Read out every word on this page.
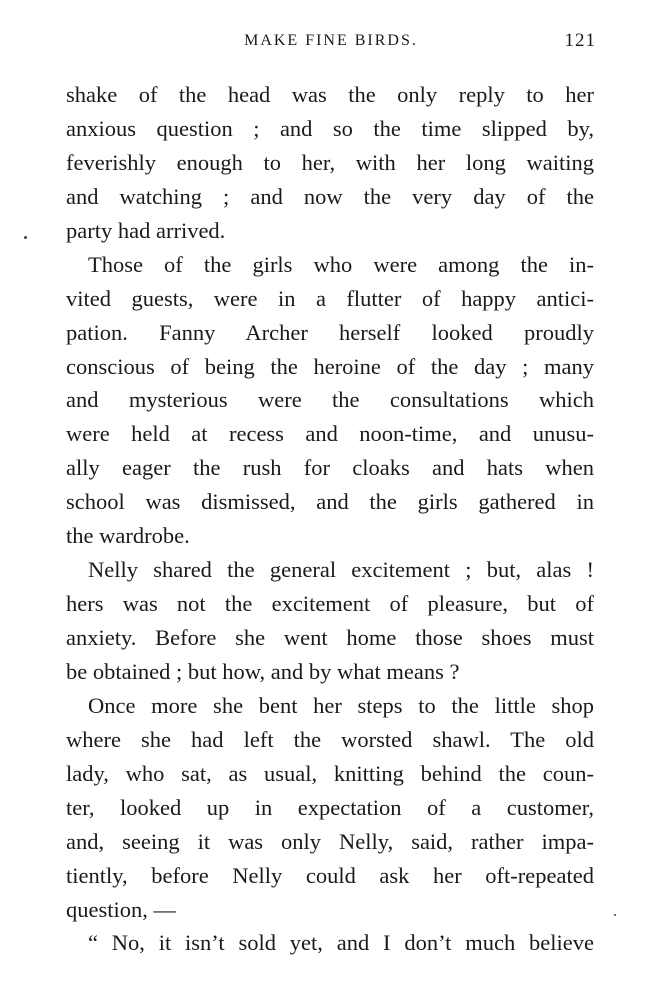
MAKE FINE BIRDS.	121
shake of the head was the only reply to her
anxious question ; and so the time slipped by,
feverishly enough to her, with her long waiting
and watching ; and now the very day of the
party had arrived.
Those of the girls who were among the in-
vited guests, were in a flutter of happy antici-
pation. Fanny Archer herself looked proudly
conscious of being the heroine of the day ; many
and mysterious were the consultations which
were held at recess and noon-time, and unusu-
ally eager the rush for cloaks and hats when
school was dismissed, and the girls gathered in
the wardrobe.
Nelly shared the general excitement ; but, alas !
hers was not the excitement of pleasure, but of
anxiety. Before she went home those shoes must
be obtained ; but how, and by what means ?
Once more she bent her steps to the little shop
where she had left the worsted shawl. The old
lady, who sat, as usual, knitting behind the coun-
ter, looked up in expectation of a customer,
and, seeing it was only Nelly, said, rather impa-
tiently, before Nelly could ask her oft-repeated
question, —
“ No, it isn’t sold yet, and I don’t much believe
